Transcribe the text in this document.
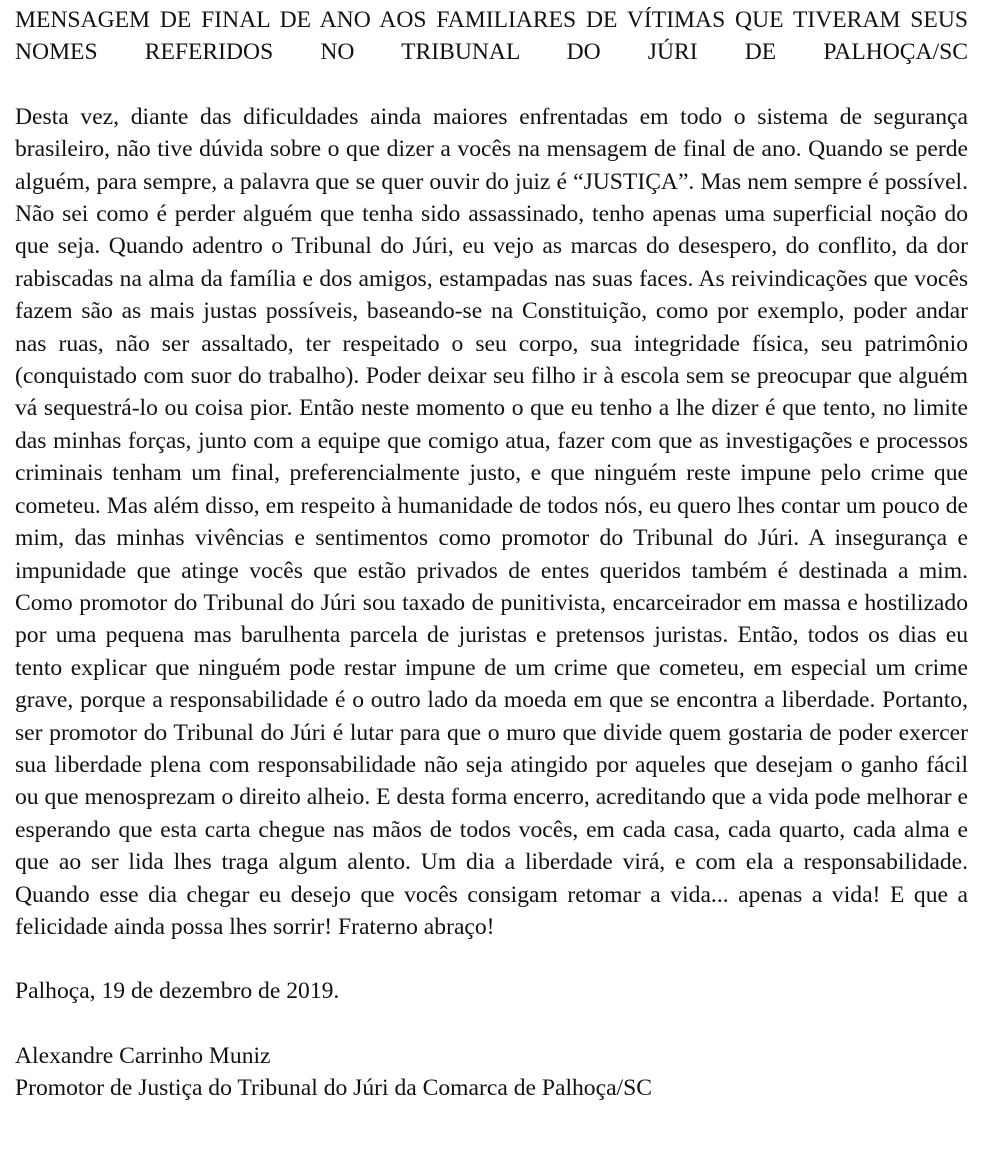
MENSAGEM DE FINAL DE ANO AOS FAMILIARES DE VÍTIMAS QUE TIVERAM SEUS NOMES REFERIDOS NO TRIBUNAL DO JÚRI DE PALHOÇA/SC

Desta vez, diante das dificuldades ainda maiores enfrentadas em todo o sistema de segurança brasileiro, não tive dúvida sobre o que dizer a vocês na mensagem de final de ano. Quando se perde alguém, para sempre, a palavra que se quer ouvir do juiz é “JUSTIÇA”. Mas nem sempre é possível. Não sei como é perder alguém que tenha sido assassinado, tenho apenas uma superficial noção do que seja. Quando adentro o Tribunal do Júri, eu vejo as marcas do desespero, do conflito, da dor rabiscadas na alma da família e dos amigos, estampadas nas suas faces. As reivindicações que vocês fazem são as mais justas possíveis, baseando-se na Constituição, como por exemplo, poder andar nas ruas, não ser assaltado, ter respeitado o seu corpo, sua integridade física, seu patrimônio (conquistado com suor do trabalho). Poder deixar seu filho ir à escola sem se preocupar que alguém vá sequestrá-lo ou coisa pior. Então neste momento o que eu tenho a lhe dizer é que tento, no limite das minhas forças, junto com a equipe que comigo atua, fazer com que as investigações e processos criminais tenham um final, preferencialmente justo, e que ninguém reste impune pelo crime que cometeu. Mas além disso, em respeito à humanidade de todos nós, eu quero lhes contar um pouco de mim, das minhas vivências e sentimentos como promotor do Tribunal do Júri. A insegurança e impunidade que atinge vocês que estão privados de entes queridos também é destinada a mim. Como promotor do Tribunal do Júri sou taxado de punitivista, encarceirador em massa e hostilizado por uma pequena mas barulhenta parcela de juristas e pretensos juristas. Então, todos os dias eu tento explicar que ninguém pode restar impune de um crime que cometeu, em especial um crime grave, porque a responsabilidade é o outro lado da moeda em que se encontra a liberdade. Portanto, ser promotor do Tribunal do Júri é lutar para que o muro que divide quem gostaria de poder exercer sua liberdade plena com responsabilidade não seja atingido por aqueles que desejam o ganho fácil ou que menosprezam o direito alheio. E desta forma encerro, acreditando que a vida pode melhorar e esperando que esta carta chegue nas mãos de todos vocês, em cada casa, cada quarto, cada alma e que ao ser lida lhes traga algum alento. Um dia a liberdade virá, e com ela a responsabilidade. Quando esse dia chegar eu desejo que vocês consigam retomar a vida... apenas a vida! E que a felicidade ainda possa lhes sorrir! Fraterno abraço!

Palhoça, 19 de dezembro de 2019.

Alexandre Carrinho Muniz
Promotor de Justiça do Tribunal do Júri da Comarca de Palhoça/SC
